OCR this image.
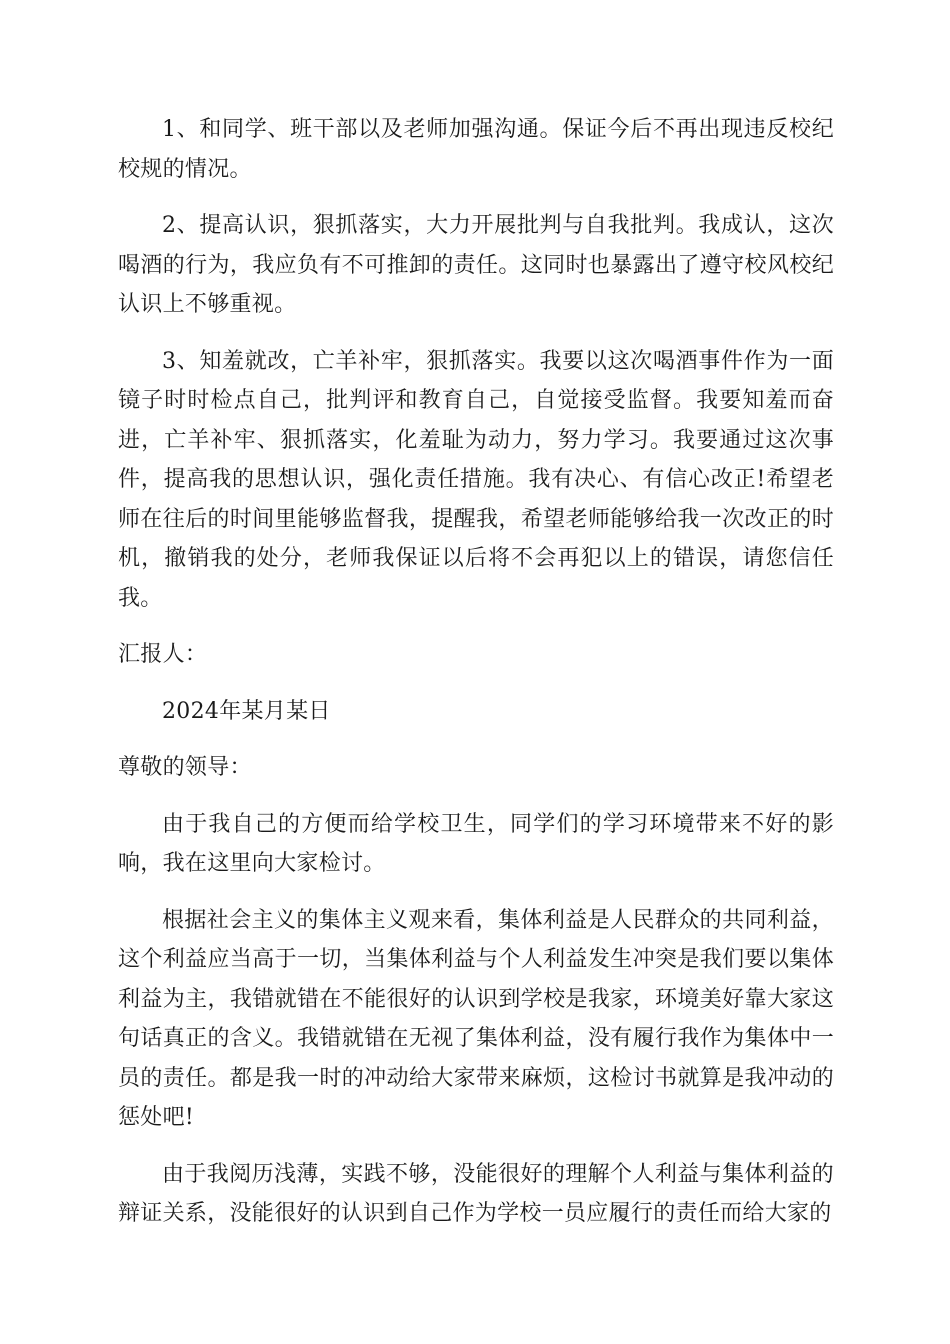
1、和同学、班干部以及老师加强沟通。保证今后不再出现违反校纪校规的情况。

2、提高认识，狠抓落实，大力开展批判与自我批判。我成认，这次喝酒的行为，我应负有不可推卸的责任。这同时也暴露出了遵守校风校纪认识上不够重视。

3、知羞就改，亡羊补牢，狠抓落实。我要以这次喝酒事件作为一面镜子时时检点自己，批判评和教育自己，自觉接受监督。我要知羞而奋进，亡羊补牢、狠抓落实，化羞耻为动力，努力学习。我要通过这次事件，提高我的思想认识，强化责任措施。我有决心、有信心改正!希望老师在往后的时间里能够监督我，提醒我，希望老师能够给我一次改正的时机，撤销我的处分，老师我保证以后将不会再犯以上的错误，请您信任我。

汇报人：

2024年某月某日

尊敬的领导：

由于我自己的方便而给学校卫生，同学们的学习环境带来不好的影响，我在这里向大家检讨。

根据社会主义的集体主义观来看，集体利益是人民群众的共同利益，这个利益应当高于一切，当集体利益与个人利益发生冲突是我们要以集体利益为主，我错就错在不能很好的认识到学校是我家，环境美好靠大家这句话真正的含义。我错就错在无视了集体利益，没有履行我作为集体中一员的责任。都是我一时的冲动给大家带来麻烦，这检讨书就算是我冲动的惩处吧!

由于我阅历浅薄，实践不够，没能很好的理解个人利益与集体利益的辩证关系，没能很好的认识到自己作为学校一员应履行的责任而给大家的
